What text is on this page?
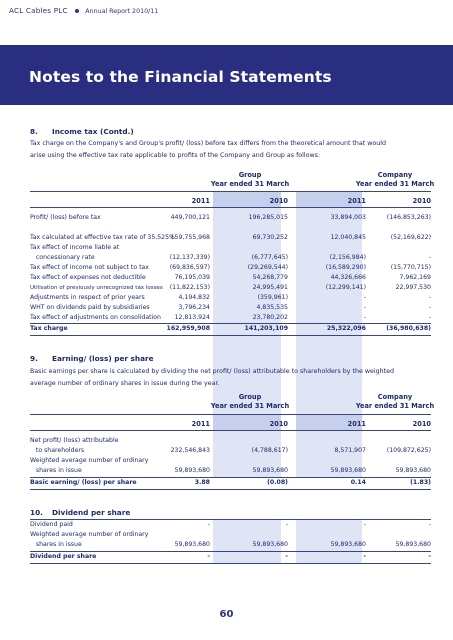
ACL Cables PLC	Annual Report 2010/11
Notes to the Financial Statements
8. Income tax (Contd.)
Tax charge on the Company's and Group's profit/ (loss) before tax differs from the theoretical amount that would
arise using the effective tax rate applicable to profits of the Company and Group as follows:
Group
Year ended 31 March
Company
Year ended 31 March
2011	2010	2011	2010
Profit/ (loss) before tax	449,700,121	196,285,015	33,894,003	(146,853,263)
Tax calculated at effective tax rate of 35.525%
159,755,968	69,730,252	12,040,845	(52,169,622)
Tax effect of income liable at
concessionary rate	(12,137,339)	(6,777,645)	(2,156,984)	-
Tax effect of income not subject to tax	(69,836,597)	(29,269,544)	(16,589,290)	(15,770,715)
Tax effect of expenses not deductible	76,195,039	54,268,779	44,326,666	7,962,169
Utilisation of previously unrecognized tax losses	(11,822,153)	24,995,491	(12,299,141)	22,997,530
Adjustments in respect of prior years	4,194,832	(359,961)	-	-
WHT on dividends paid by subsidiaries	3,796,234	4,835,535	-	-
Tax effect of adjustments on consolidation	12,813,924	23,780,202	-	-
Tax charge	162,959,908	141,203,109	25,322,096	(36,980,638)
9. Earning/ (loss) per share
Basic earnings per share is calculated by dividing the net profit/ (loss) attributable to shareholders by the weighted
average number of ordinary shares in issue during the year.
Group
Year ended 31 March
Company
Year ended 31 March
2011	2010	2011	2010
Net profit/ (loss) attributable
to shareholders	232,546,843	(4,788,617)	8,571,907	(109,872,625)
Weighted average number of ordinary
shares in issue	59,893,680	59,893,680	59,893,680	59,893,680
Basic earning/ (loss) per share	3.88	(0.08)	0.14	(1.83)
10. Dividend per share
Dividend paid	-	-	-	-
Weighted average number of ordinary
shares in issue	59,893,680	59,893,680	59,893,680	59,893,680
Dividend per share	-	-	-	-
60
